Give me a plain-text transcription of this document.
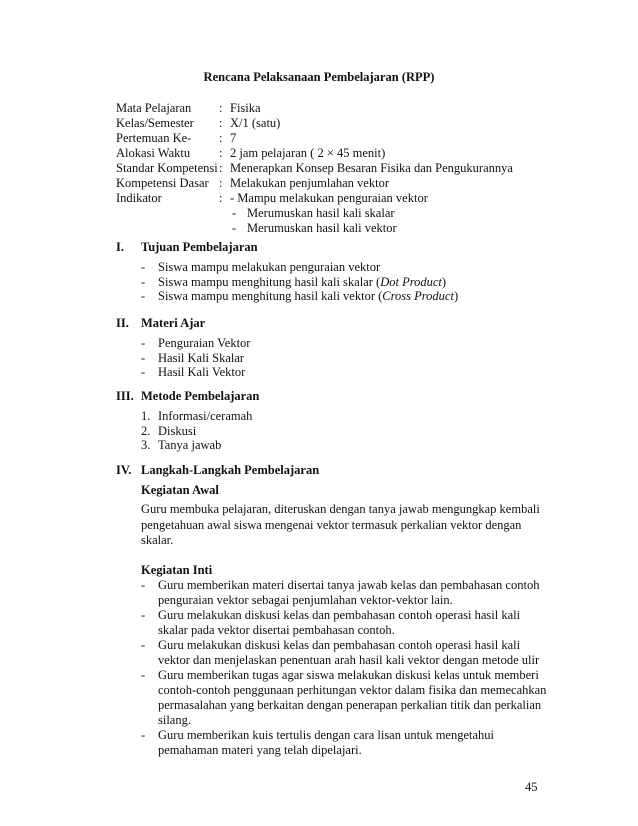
Rencana Pelaksanaan Pembelajaran (RPP)
Mata Pelajaran	: Fisika
Kelas/Semester	: X/1 (satu)
Pertemuan Ke-	: 7
Alokasi Waktu	: 2 jam pelajaran ( 2 × 45 menit)
Standar Kompetensi : Menerapkan Konsep Besaran Fisika dan Pengukurannya
Kompetensi Dasar : Melakukan penjumlahan vektor
Indikator	: - Mampu melakukan penguraian vektor
- Merumuskan hasil kali skalar
- Merumuskan hasil kali vektor
I.	Tujuan Pembelajaran
-	Siswa mampu melakukan penguraian vektor
-	Siswa mampu menghitung hasil kali skalar (Dot Product)
-	Siswa mampu menghitung hasil kali vektor (Cross Product)
II. Materi Ajar
-	Penguraian Vektor
-	Hasil Kali Skalar
-	Hasil Kali Vektor
III. Metode Pembelajaran
1. Informasi/ceramah
2. Diskusi
3. Tanya jawab
IV. Langkah-Langkah Pembelajaran
Kegiatan Awal
Guru membuka pelajaran, diteruskan dengan tanya jawab mengungkap kembali pengetahuan awal siswa mengenai vektor termasuk perkalian vektor dengan skalar.
Kegiatan Inti
-	Guru memberikan materi disertai tanya jawab kelas dan pembahasan contoh penguraian vektor sebagai penjumlahan vektor-vektor lain.
-	Guru melakukan diskusi kelas dan pembahasan contoh operasi hasil kali skalar pada vektor disertai pembahasan contoh.
-	Guru melakukan diskusi kelas dan pembahasan contoh operasi hasil kali vektor dan menjelaskan penentuan arah hasil kali vektor dengan metode ulir
-	Guru memberikan tugas agar siswa melakukan diskusi kelas untuk memberi contoh-contoh penggunaan perhitungan vektor dalam fisika dan memecahkan permasalahan yang berkaitan dengan penerapan perkalian titik dan perkalian silang.
-	Guru memberikan kuis tertulis dengan cara lisan untuk mengetahui pemahaman materi yang telah dipelajari.
45
